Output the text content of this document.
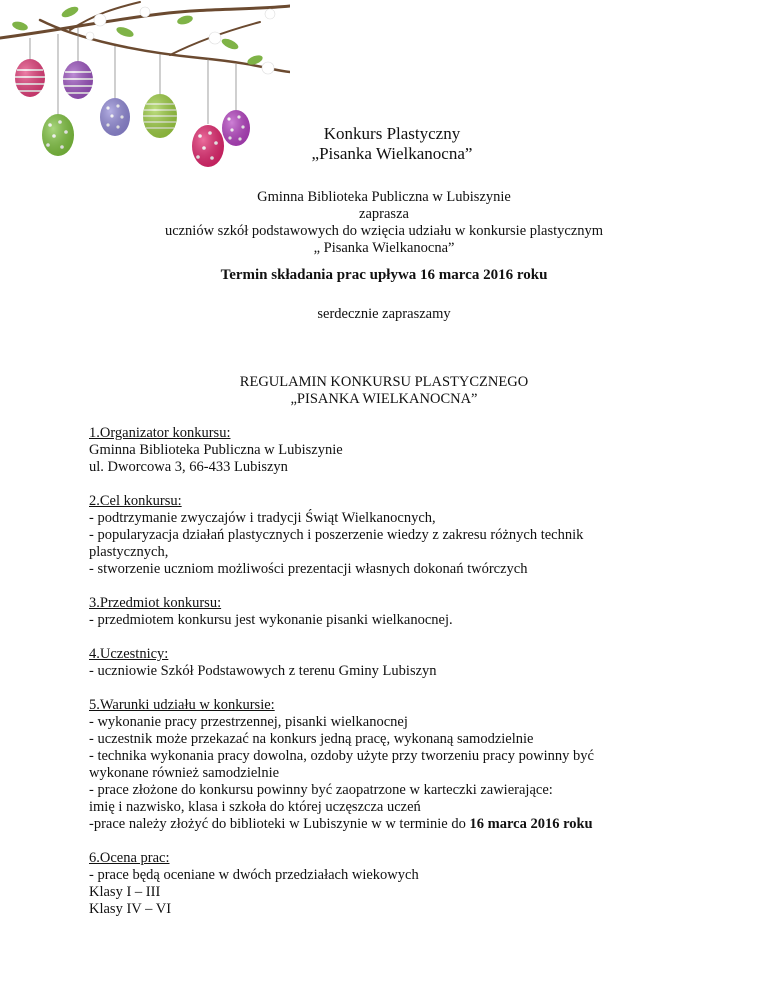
Konkurs Plastyczny
„Pisanka Wielkanocna”
Gminna Biblioteka Publiczna w Lubiszynie
zaprasza
uczniów szkół podstawowych do wzięcia udziału w konkursie plastycznym
„ Pisanka Wielkanocna”
Termin składania prac upływa 16 marca 2016 roku
serdecznie zapraszamy
REGULAMIN KONKURSU PLASTYCZNEGO
„PISANKA WIELKANOCNA”
1.Organizator konkursu:
Gminna Biblioteka Publiczna w Lubiszynie
ul. Dworcowa 3, 66-433 Lubiszyn
2.Cel konkursu:
- podtrzymanie zwyczajów i tradycji Świąt Wielkanocnych,
- popularyzacja działań plastycznych i poszerzenie wiedzy z zakresu różnych technik
plastycznych,
- stworzenie uczniom możliwości prezentacji własnych dokonań twórczych
3.Przedmiot konkursu:
- przedmiotem konkursu jest wykonanie pisanki wielkanocnej.
4.Uczestnicy:
- uczniowie Szkół Podstawowych z terenu Gminy Lubiszyn
5.Warunki udziału w konkursie:
- wykonanie pracy przestrzennej, pisanki wielkanocnej
- uczestnik może przekazać na konkurs jedną pracę, wykonaną samodzielnie
- technika wykonania pracy dowolna, ozdoby użyte przy tworzeniu pracy powinny być
wykonane również samodzielnie
- prace złożone do konkursu powinny być zaopatrzone w karteczki zawierające:
imię i nazwisko, klasa i szkoła do której uczęszcza uczeń
-prace należy złożyć do biblioteki w Lubiszynie w w terminie do 16 marca 2016 roku
6.Ocena prac:
- prace będą oceniane w dwóch przedziałach wiekowych
Klasy I – III
Klasy IV – VI
